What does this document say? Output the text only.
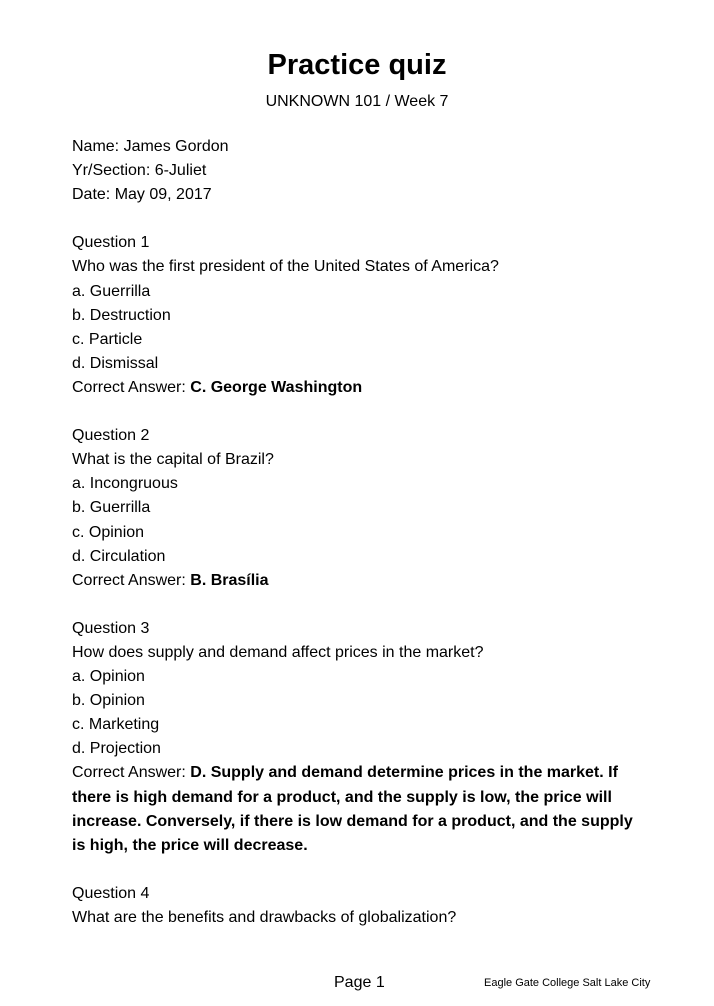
Practice quiz
UNKNOWN 101 / Week 7
Name: James Gordon
Yr/Section: 6-Juliet
Date: May 09, 2017
Question 1
Who was the first president of the United States of America?
a. Guerrilla
b. Destruction
c. Particle
d. Dismissal
Correct Answer: C. George Washington
Question 2
What is the capital of Brazil?
a. Incongruous
b. Guerrilla
c. Opinion
d. Circulation
Correct Answer: B. Brasília
Question 3
How does supply and demand affect prices in the market?
a. Opinion
b. Opinion
c. Marketing
d. Projection
Correct Answer: D. Supply and demand determine prices in the market. If there is high demand for a product, and the supply is low, the price will increase. Conversely, if there is low demand for a product, and the supply is high, the price will decrease.
Question 4
What are the benefits and drawbacks of globalization?
Page 1	Eagle Gate College Salt Lake City
